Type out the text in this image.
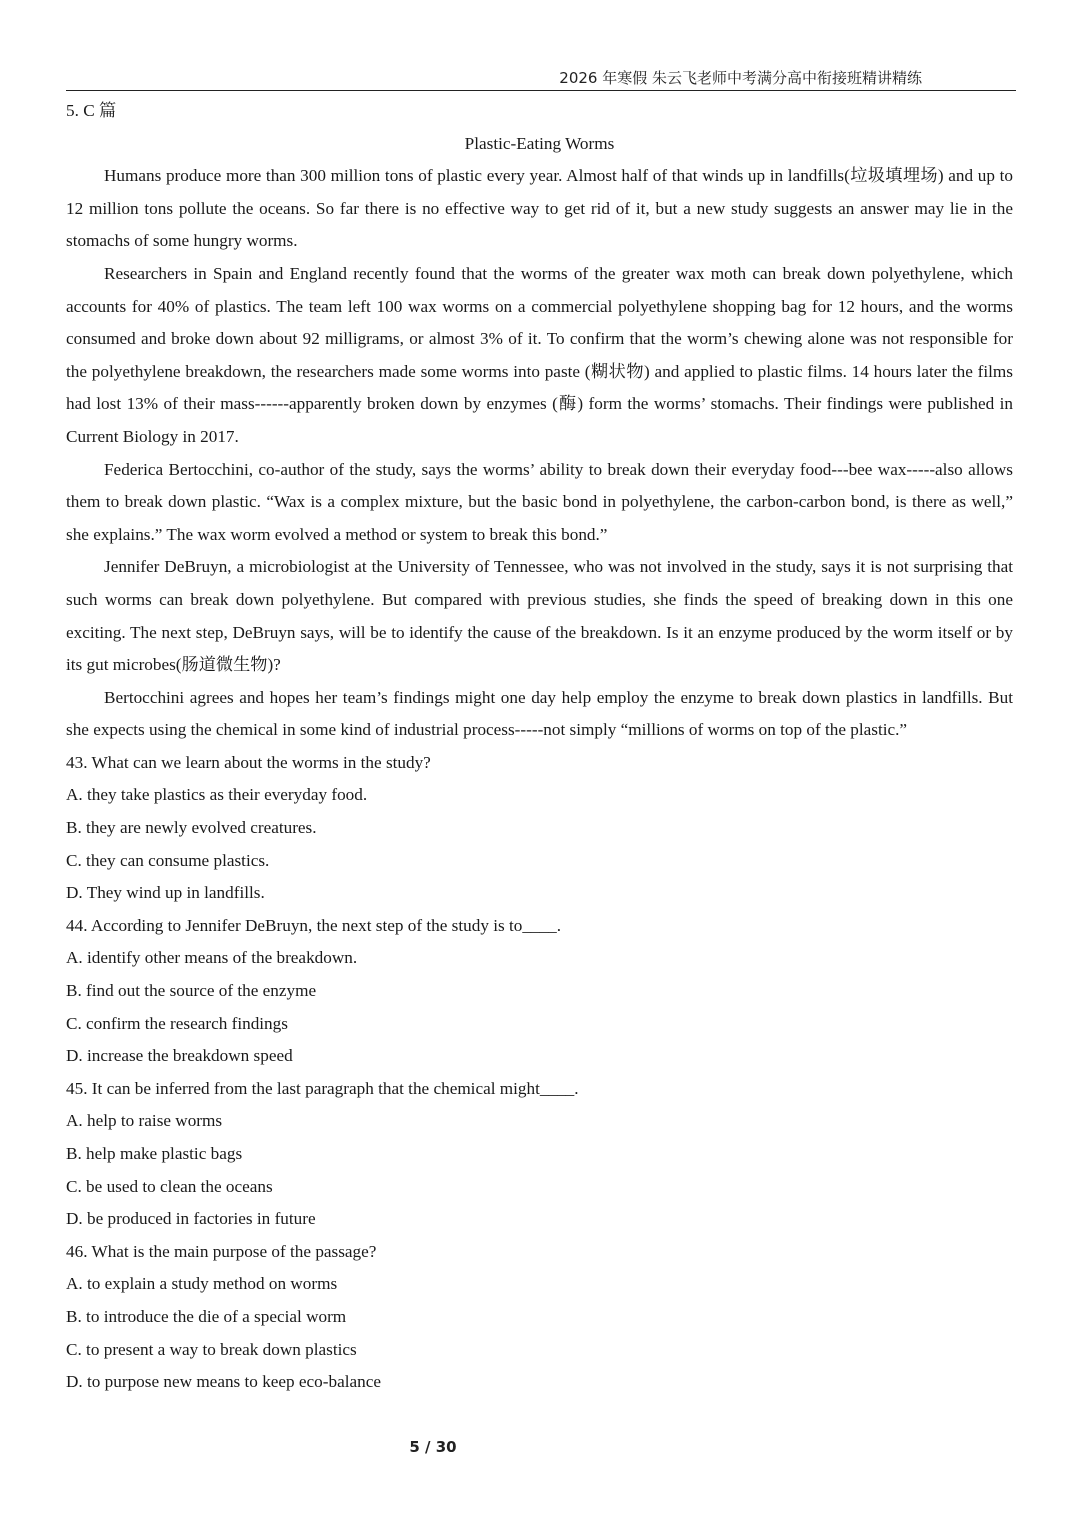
2026 年寒假 朱云飞老师中考满分高中衔接班精讲精练

5. C 篇

Plastic-Eating Worms

Humans produce more than 300 million tons of plastic every year. Almost half of that winds up in landfills(垃圾填埋场) and up to 12 million tons pollute the oceans. So far there is no effective way to get rid of it, but a new study suggests an answer may lie in the stomachs of some hungry worms.

Researchers in Spain and England recently found that the worms of the greater wax moth can break down polyethylene, which accounts for 40% of plastics. The team left 100 wax worms on a commercial polyethylene shopping bag for 12 hours, and the worms consumed and broke down about 92 milligrams, or almost 3% of it. To confirm that the worm’s chewing alone was not responsible for the polyethylene breakdown, the researchers made some worms into paste (糊状物) and applied to plastic films. 14 hours later the films had lost 13% of their mass------apparently broken down by enzymes (酶) form the worms’ stomachs. Their findings were published in Current Biology in 2017.

Federica Bertocchini, co-author of the study, says the worms’ ability to break down their everyday food---bee wax-----also allows them to break down plastic. “Wax is a complex mixture, but the basic bond in polyethylene, the carbon-carbon bond, is there as well,” she explains.” The wax worm evolved a method or system to break this bond.”

Jennifer DeBruyn, a microbiologist at the University of Tennessee, who was not involved in the study, says it is not surprising that such worms can break down polyethylene. But compared with previous studies, she finds the speed of breaking down in this one exciting. The next step, DeBruyn says, will be to identify the cause of the breakdown. Is it an enzyme produced by the worm itself or by its gut microbes(肠道微生物)?

Bertocchini agrees and hopes her team’s findings might one day help employ the enzyme to break down plastics in landfills. But she expects using the chemical in some kind of industrial process-----not simply “millions of worms on top of the plastic.”

43. What can we learn about the worms in the study?

A. they take plastics as their everyday food.

B. they are newly evolved creatures.

C. they can consume plastics.

D. They wind up in landfills.

44. According to Jennifer DeBruyn, the next step of the study is to____.

A. identify other means of the breakdown.

B. find out the source of the enzyme

C. confirm the research findings

D. increase the breakdown speed

45. It can be inferred from the last paragraph that the chemical might____.

A. help to raise worms

B. help make plastic bags

C. be used to clean the oceans

D. be produced in factories in future

46. What is the main purpose of the passage?

A. to explain a study method on worms

B. to introduce the die of a special worm

C. to present a way to break down plastics

D. to purpose new means to keep eco-balance

5 / 30
